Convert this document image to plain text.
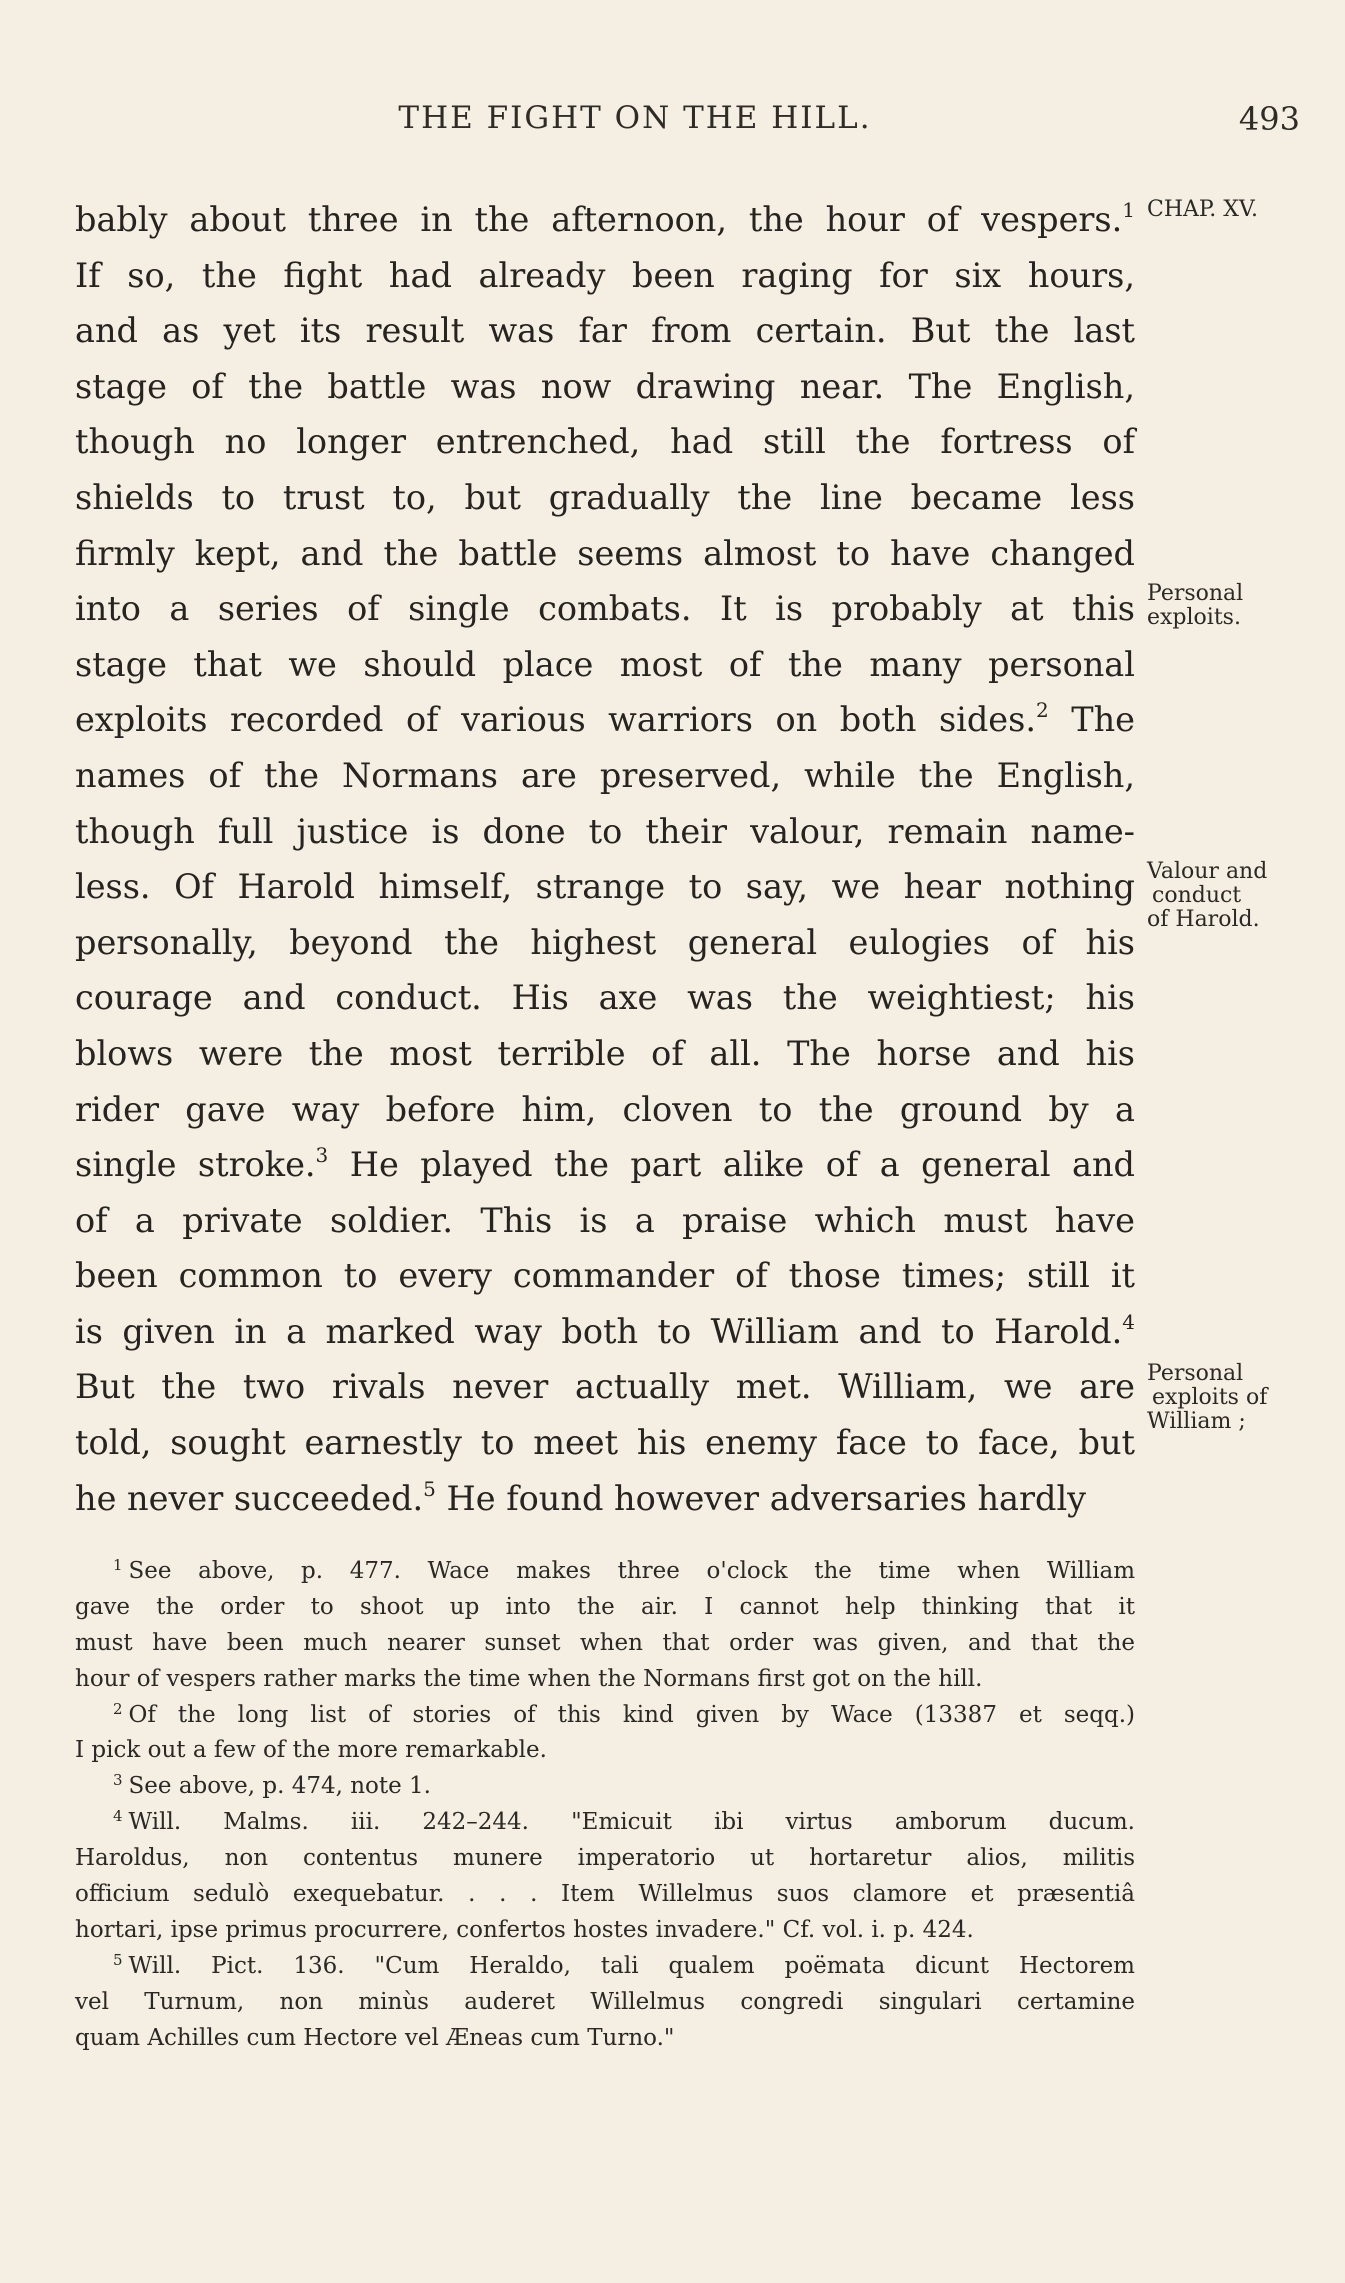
THE FIGHT ON THE HILL.	493
bably about three in the afternoon, the hour of vespers.$^1$
If so, the fight had already been raging for six hours,
and as yet its result was far from certain. But the last
stage of the battle was now drawing near. The English,
though no longer entrenched, had still the fortress of
shields to trust to, but gradually the line became less
firmly kept, and the battle seems almost to have changed
into a series of single combats. It is probably at this
stage that we should place most of the many personal
exploits recorded of various warriors on both sides.$^2$ The
names of the Normans are preserved, while the English,
though full justice is done to their valour, remain name-
less. Of Harold himself, strange to say, we hear nothing
personally, beyond the highest general eulogies of his
courage and conduct. His axe was the weightiest; his
blows were the most terrible of all. The horse and his
rider gave way before him, cloven to the ground by a
single stroke.$^3$ He played the part alike of a general and
of a private soldier. This is a praise which must have
been common to every commander of those times; still it
is given in a marked way both to William and to Harold.$^4$
But the two rivals never actually met. William, we are
told, sought earnestly to meet his enemy face to face, but
he never succeeded.$^5$ He found however adversaries hardly
CHAP. XV.
Personal
exploits.
Valour and
conduct
of Harold.
Personal
exploits of
William ;
$^1$ See above, p. 477. Wace makes three o'clock the time when William
gave the order to shoot up into the air. I cannot help thinking that it
must have been much nearer sunset when that order was given, and that the
hour of vespers rather marks the time when the Normans first got on the hill.
$^2$ Of the long list of stories of this kind given by Wace (13387 et seqq.)
I pick out a few of the more remarkable.
$^3$ See above, p. 474, note 1.
$^4$ Will. Malms. iii. 242–244. "Emicuit ibi virtus amborum ducum.
Haroldus, non contentus munere imperatorio ut hortaretur alios, militis
officium sedulò exequebatur. . . . Item Willelmus suos clamore et præsentiâ
hortari, ipse primus procurrere, confertos hostes invadere." Cf. vol. i. p. 424.
$^5$ Will. Pict. 136. "Cum Heraldo, tali qualem poëmata dicunt Hectorem
vel Turnum, non minùs auderet Willelmus congredi singulari certamine
quam Achilles cum Hectore vel Æneas cum Turno."
